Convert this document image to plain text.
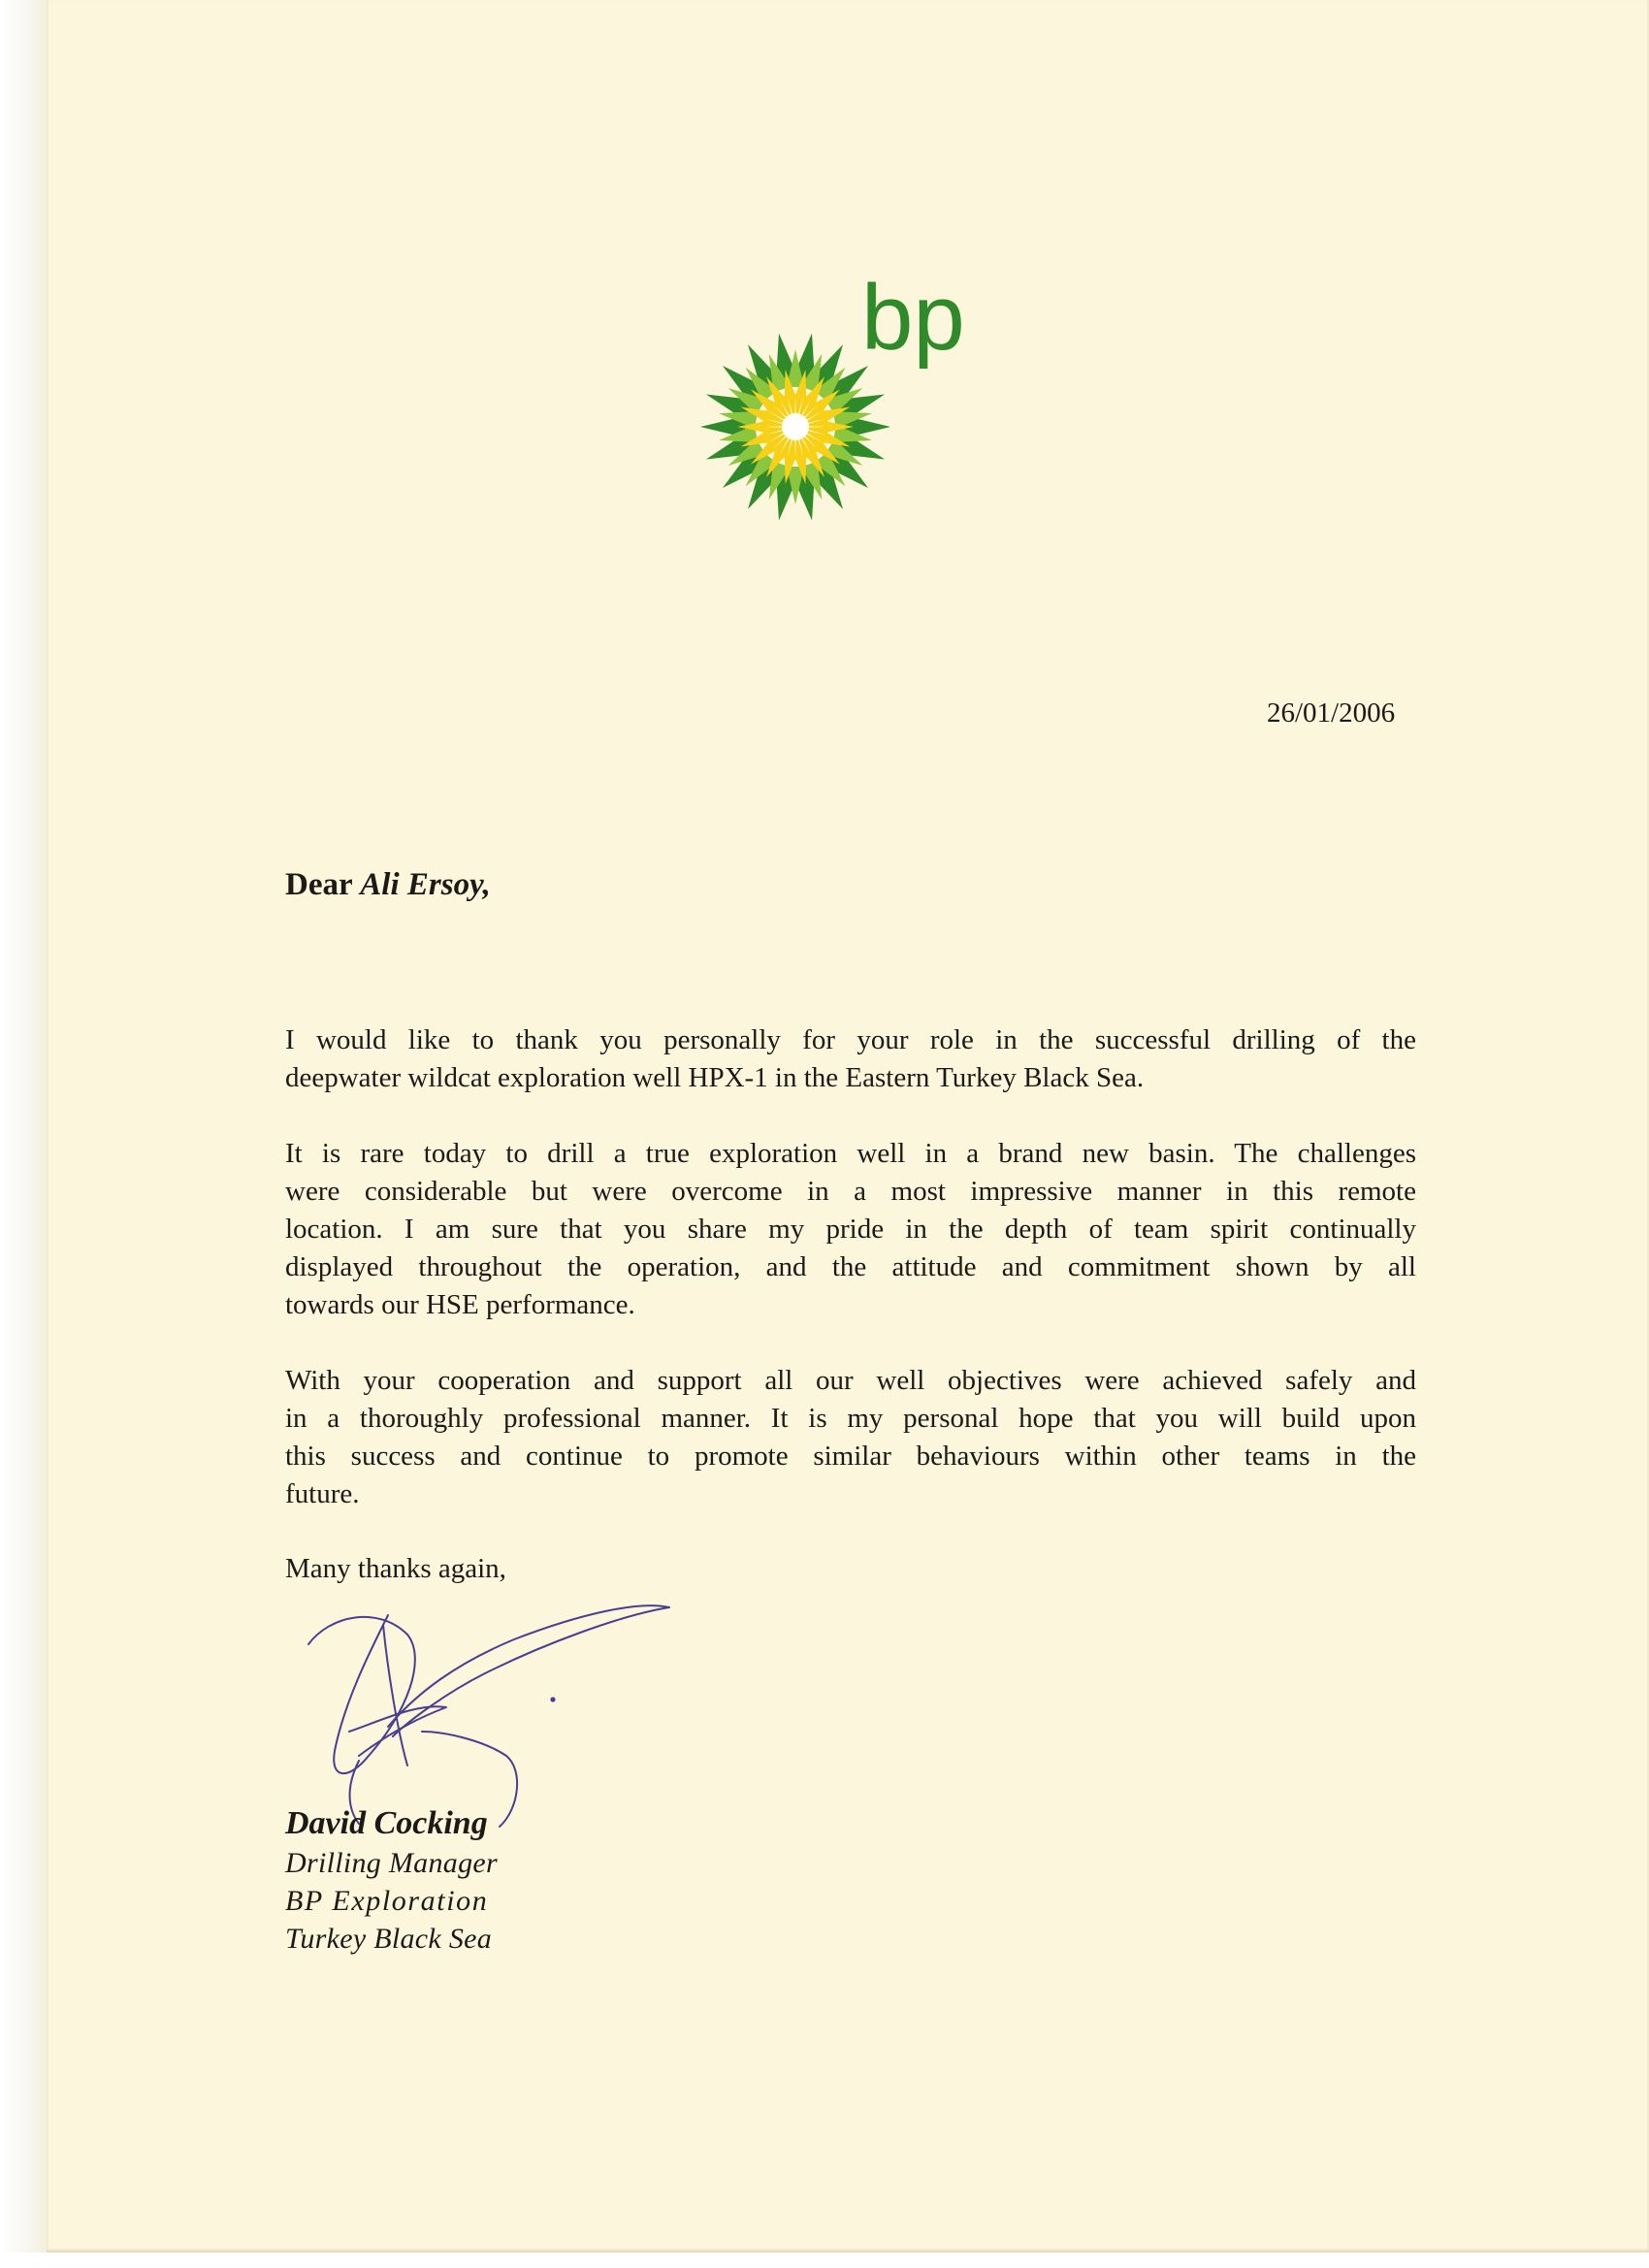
bp
26/01/2006
Dear Ali Ersoy,
I would like to thank you personally for your role in the successful drilling of the
deepwater wildcat exploration well HPX-1 in the Eastern Turkey Black Sea.
It is rare today to drill a true exploration well in a brand new basin. The challenges
were considerable but were overcome in a most impressive manner in this remote
location. I am sure that you share my pride in the depth of team spirit continually
displayed throughout the operation, and the attitude and commitment shown by all
towards our HSE performance.
With your cooperation and support all our well objectives were achieved safely and
in a thoroughly professional manner. It is my personal hope that you will build upon
this success and continue to promote similar behaviours within other teams in the
future.
Many thanks again,
David Cocking
Drilling Manager
BP Exploration
Turkey Black Sea
